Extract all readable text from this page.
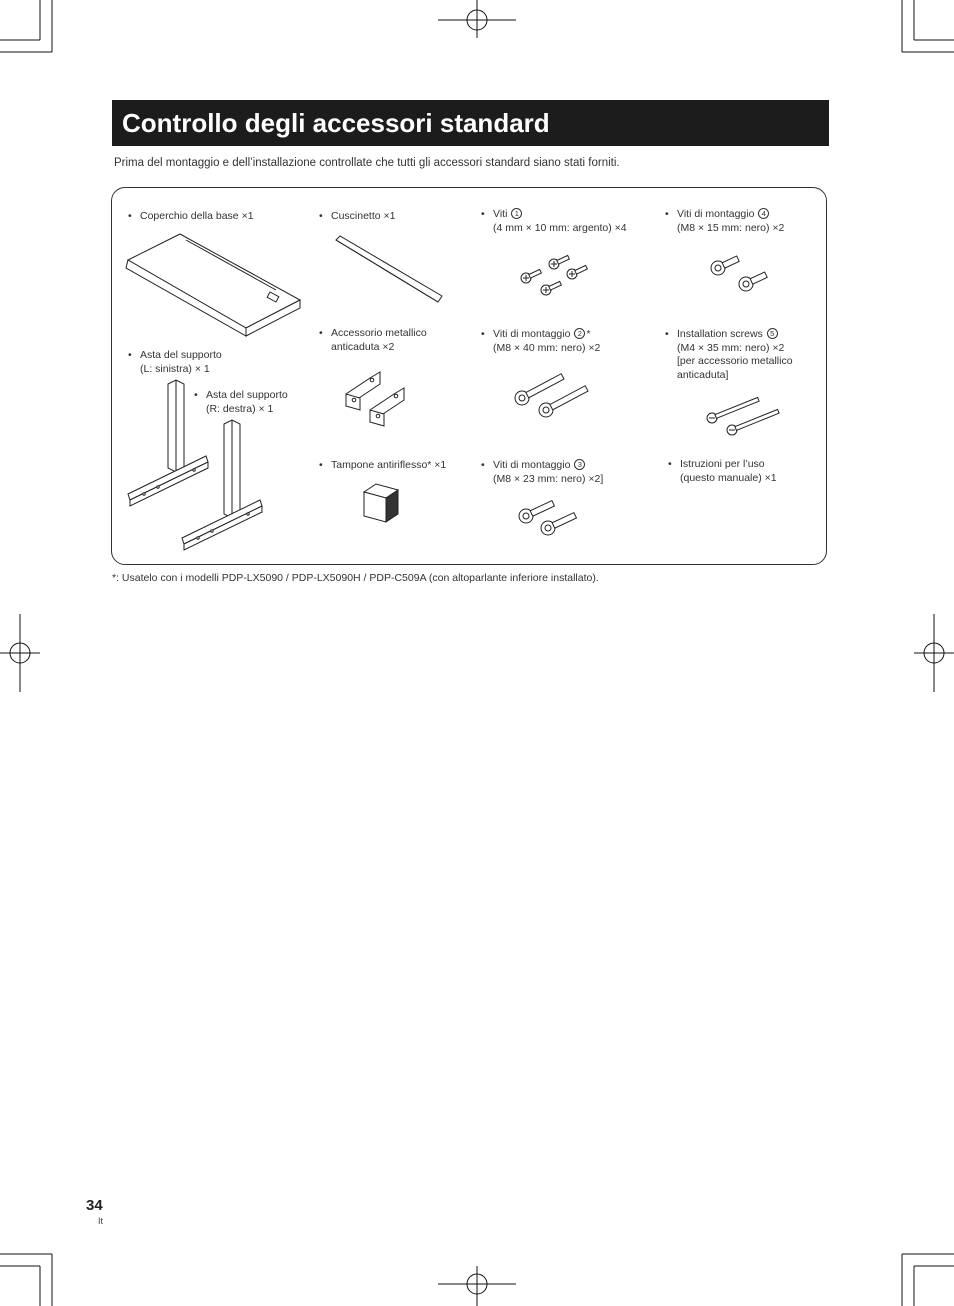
Controllo degli accessori standard
Prima del montaggio e dell’installazione controllate che tutti gli accessori standard siano stati forniti.
• Coperchio della base ×1
• Asta del supporto
(L: sinistra) × 1
• Asta del supporto
(R: destra) × 1
• Cuscinetto ×1
• Accessorio metallico
anticaduta ×2
• Tampone antiriflesso* ×1
• Viti 1
(4 mm × 10 mm: argento) ×4
• Viti di montaggio 2 *
(M8 × 40 mm: nero) ×2
• Viti di montaggio 3
(M8 × 23 mm: nero) ×2]
• Viti di montaggio 4
(M8 × 15 mm: nero) ×2
• Installation screws 5
(M4 × 35 mm: nero) ×2
[per accessorio metallico
anticaduta]
• Istruzioni per l’uso
(questo manuale) ×1
*: Usatelo con i modelli PDP-LX5090 / PDP-LX5090H / PDP-C509A (con altoparlante inferiore installato).
34
It
